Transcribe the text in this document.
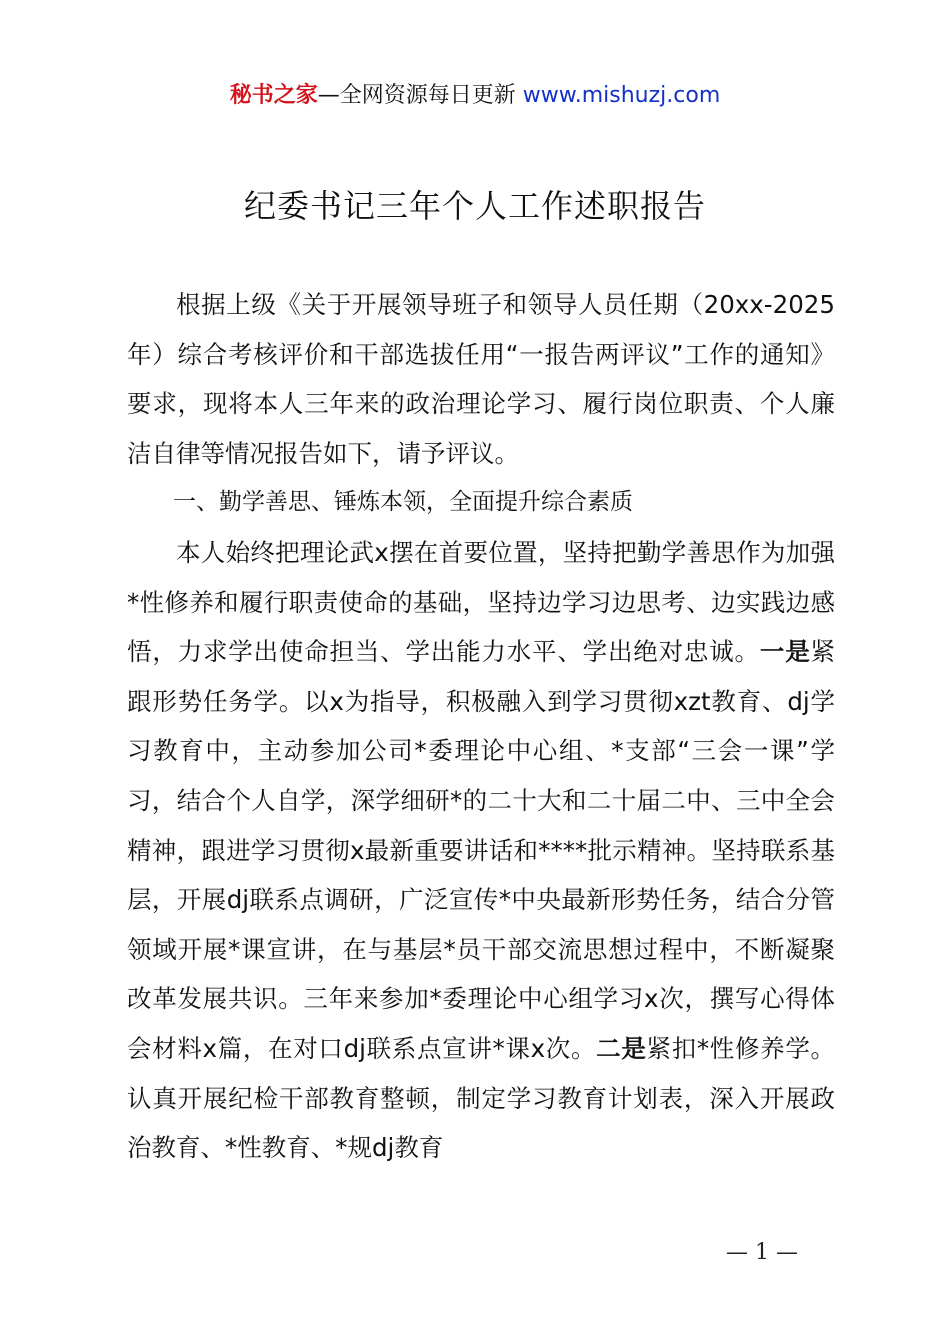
秘书之家—全网资源每日更新 www.mishuzj.com
纪委书记三年个人工作述职报告

根据上级《关于开展领导班子和领导人员任期（20xx-2025年）综合考核评价和干部选拔任用“一报告两评议”工作的通知》要求，现将本人三年来的政治理论学习、履行岗位职责、个人廉洁自律等情况报告如下，请予评议。

一、勤学善思、锤炼本领，全面提升综合素质

本人始终把理论武x摆在首要位置，坚持把勤学善思作为加强*性修养和履行职责使命的基础，坚持边学习边思考、边实践边感悟，力求学出使命担当、学出能力水平、学出绝对忠诚。一是紧跟形势任务学。以x为指导，积极融入到学习贯彻xzt教育、dj学习教育中，主动参加公司*委理论中心组、*支部“三会一课”学习，结合个人自学，深学细研*的二十大和二十届二中、三中全会精神，跟进学习贯彻x最新重要讲话和****批示精神。坚持联系基层，开展dj联系点调研，广泛宣传*中央最新形势任务，结合分管领域开展*课宣讲，在与基层*员干部交流思想过程中，不断凝聚改革发展共识。三年来参加*委理论中心组学习x次，撰写心得体会材料x篇，在对口dj联系点宣讲*课x次。二是紧扣*性修养学。认真开展纪检干部教育整顿，制定学习教育计划表，深入开展政治教育、*性教育、*规dj教育

— 1 —
